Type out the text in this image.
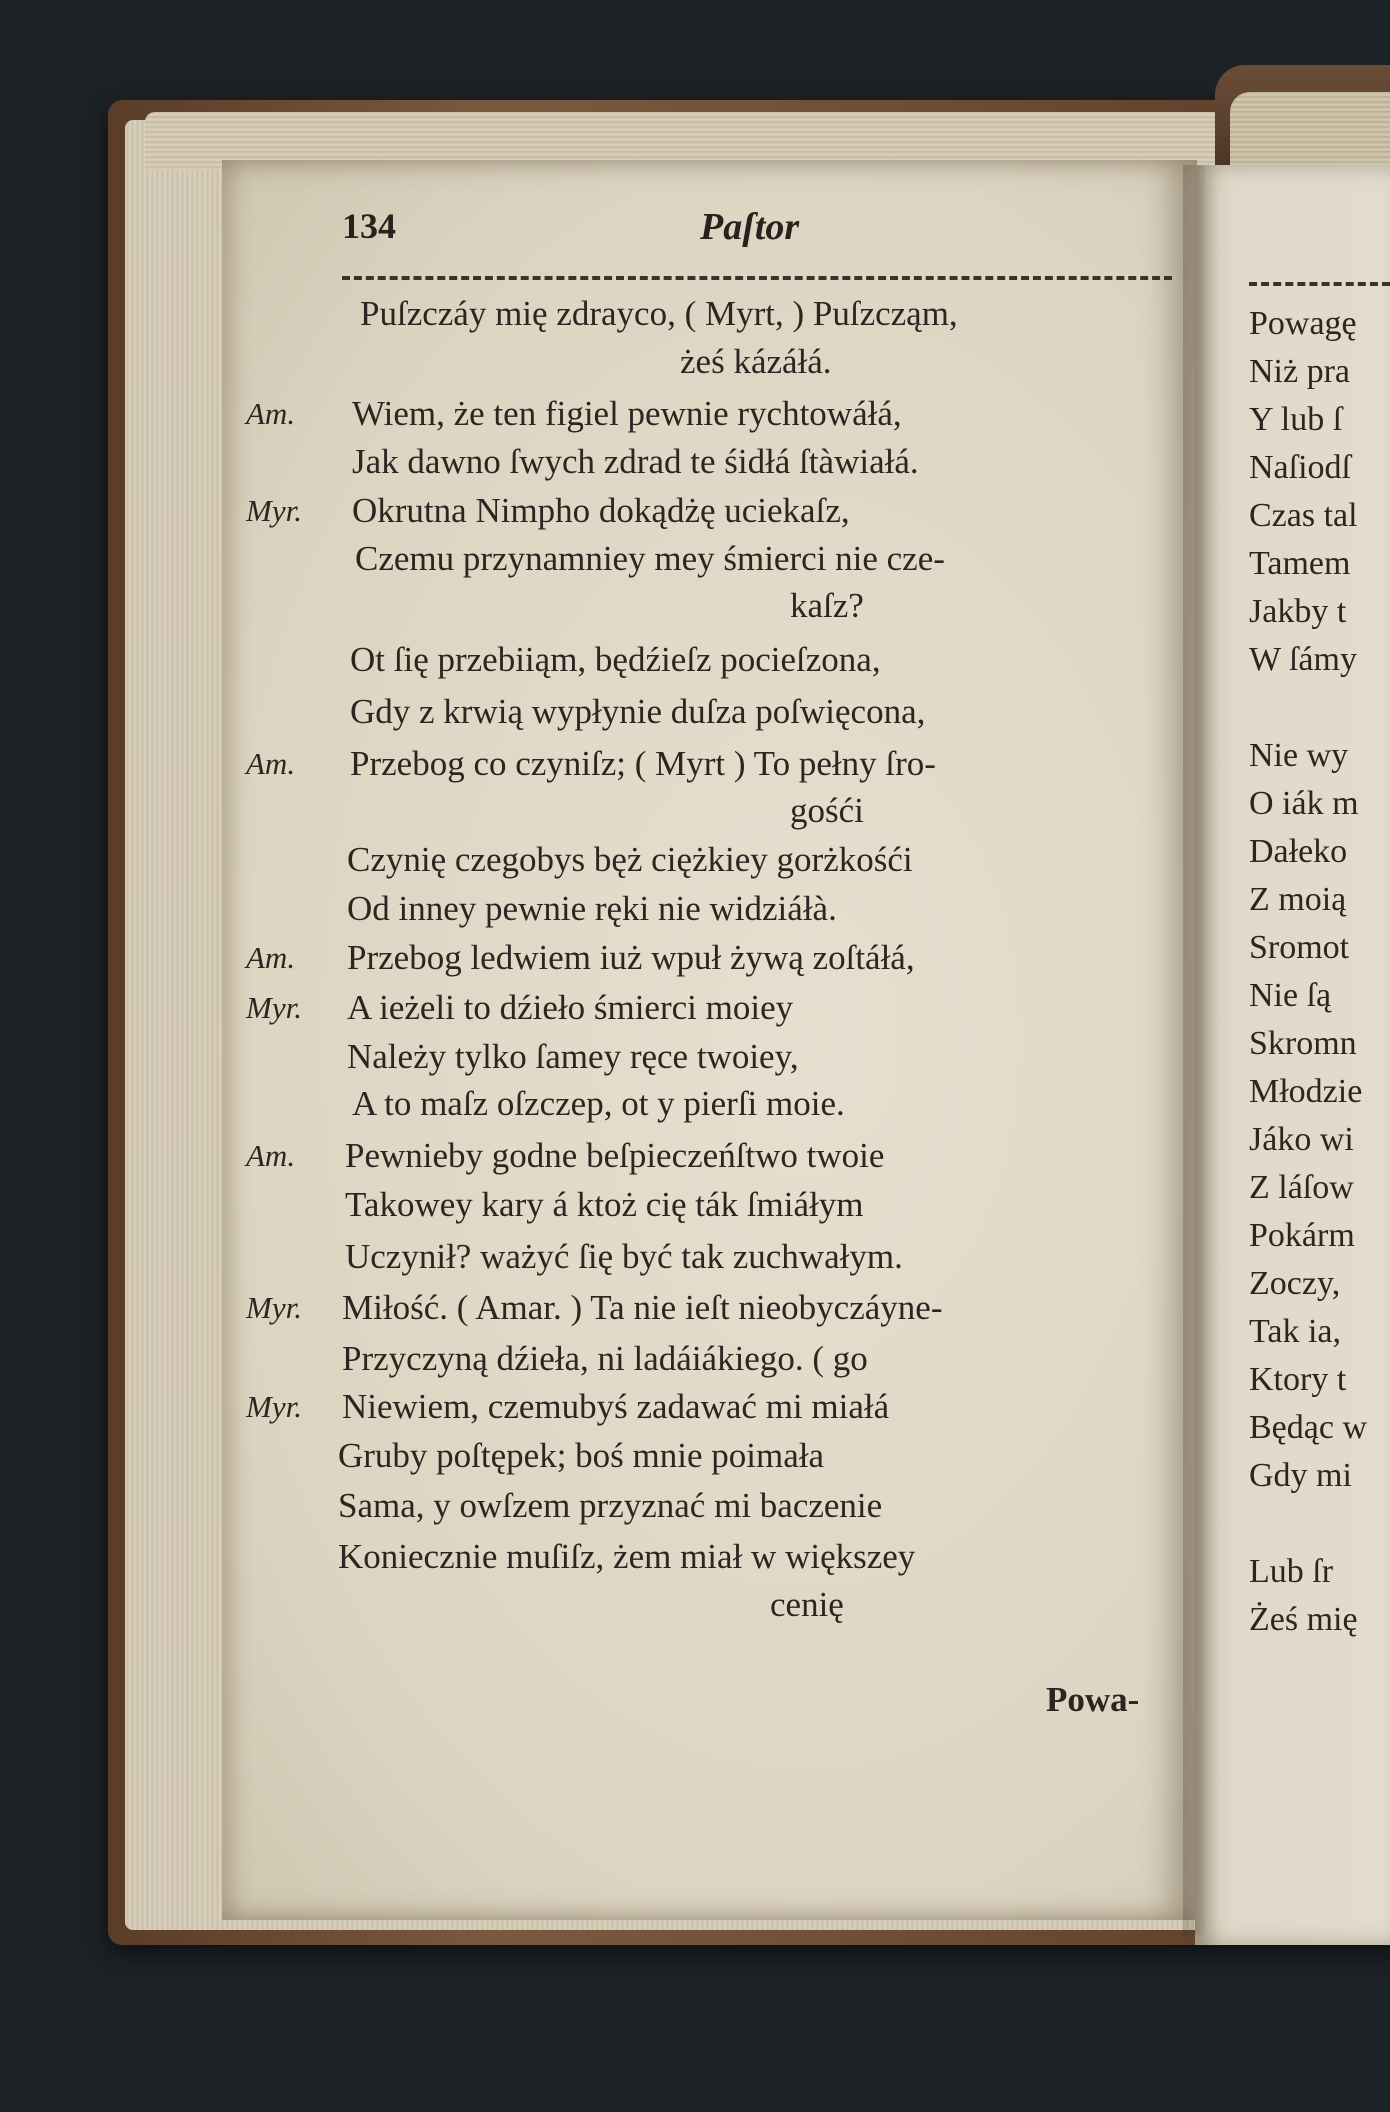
134	Paſtor
Puſzczáy mię zdrayco, ( Myrt, ) Puſzcząm,
żeś kázáłá.
Am. Wiem, że ten figiel pewnie rychtowáłá,
Jak dawno ſwych zdrad te śidłá ſtàwiałá.
Myr. Okrutna Nimpho dokądżę uciekaſz,
Czemu przynamniey mey śmierci nie cze-
kaſz?
Ot ſię przebiiąm, będźieſz pocieſzona,
Gdy z krwią wypłynie duſza poſwięcona,
Am. Przebog co czyniſz; ( Myrt ) To pełny ſro-
gośći
Czynię czegobys bęż ciężkiey gorżkośći
Od inney pewnie ręki nie widziáłà.
Am. Przebog ledwiem iuż wpuł żywą zoſtáłá,
Myr. A ieżeli to dźieło śmierci moiey
Należy tylko ſamey ręce twoiey,
A to maſz oſzczep, ot y pierſi moie.
Am. Pewnieby godne beſpieczeńſtwo twoie
Takowey kary á ktoż cię ták ſmiáłym
Uczynił? ważyć ſię być tak zuchwałym.
Myr. Miłość. ( Amar. ) Ta nie ieſt nieobyczáyne-
Przyczyną dźieła, ni ladáiákiego. ( go
Myr. Niewiem, czemubyś zadawać mi miałá
Gruby poſtępek; boś mnie poimała
Sama, y owſzem przyznać mi baczenie
Koniecznie muſiſz, żem miał w większey
cenię
Powa-
Powagę
Niż pra
Y lub ſ
Naſiodſ
Czas tal
Tamem
Jakby t
W ſámy
Nie wy
O iák m
Dałeko
Z moią
Sromot
Nie ſą
Skromn
Młodzie
Jáko wi
Z láſow
Pokárm
Zoczy,
Tak ia,
Ktory t
Będąc w
Gdy mi
Lub ſr
Żeś mię
